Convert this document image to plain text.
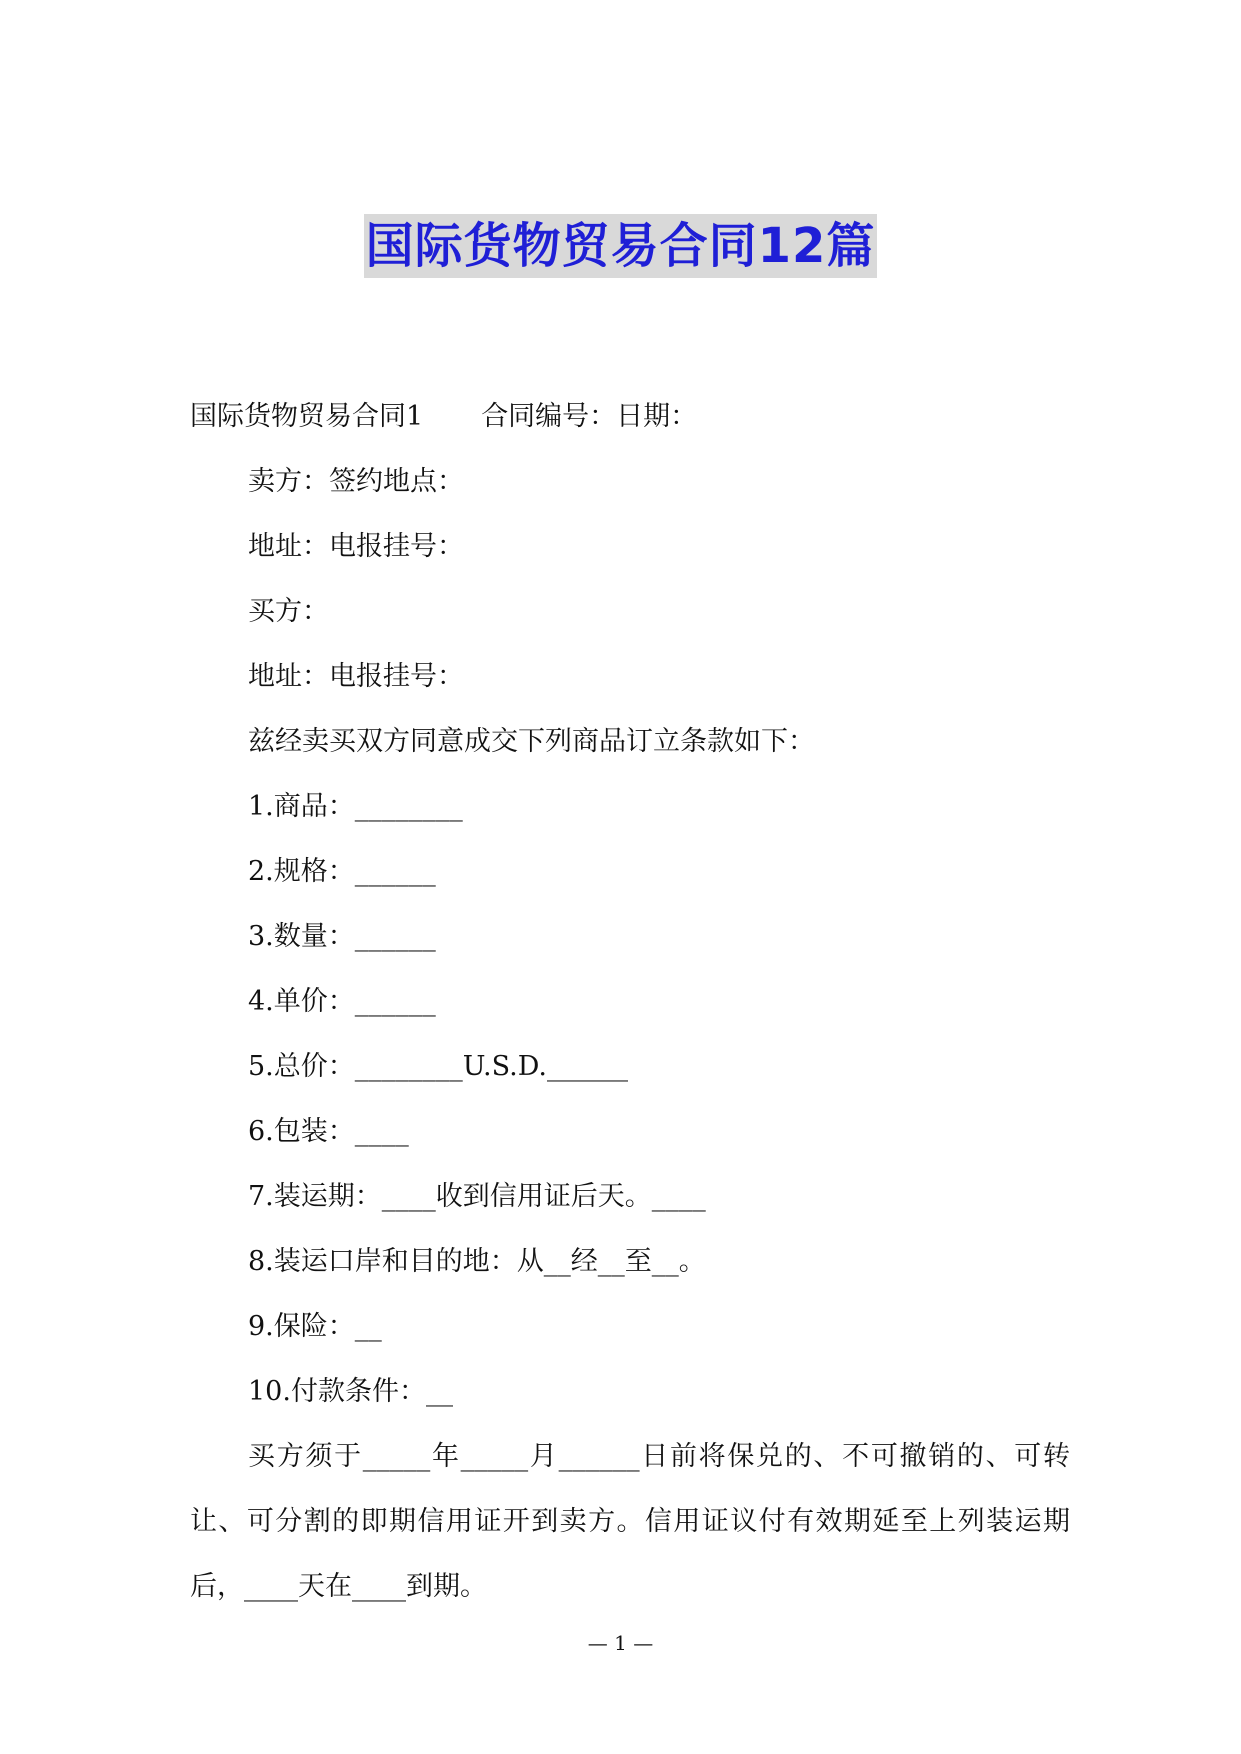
国际货物贸易合同12篇
国际货物贸易合同1 合同编号：日期：
卖方：签约地点：
地址：电报挂号：
买方：
地址：电报挂号：
兹经卖买双方同意成交下列商品订立条款如下：
1.商品：________
2.规格：______
3.数量：______
4.单价：______
5.总价：________U.S.D.______
6.包装：____
7.装运期：____收到信用证后天。____
8.装运口岸和目的地：从__经__至__。
9.保险：__
10.付款条件：__
买方须于_____年_____月______日前将保兑的、不可撤销的、可转让、可分割的即期信用证开到卖方。信用证议付有效期延至上列装运期后，____天在____到期。
— 1 —
